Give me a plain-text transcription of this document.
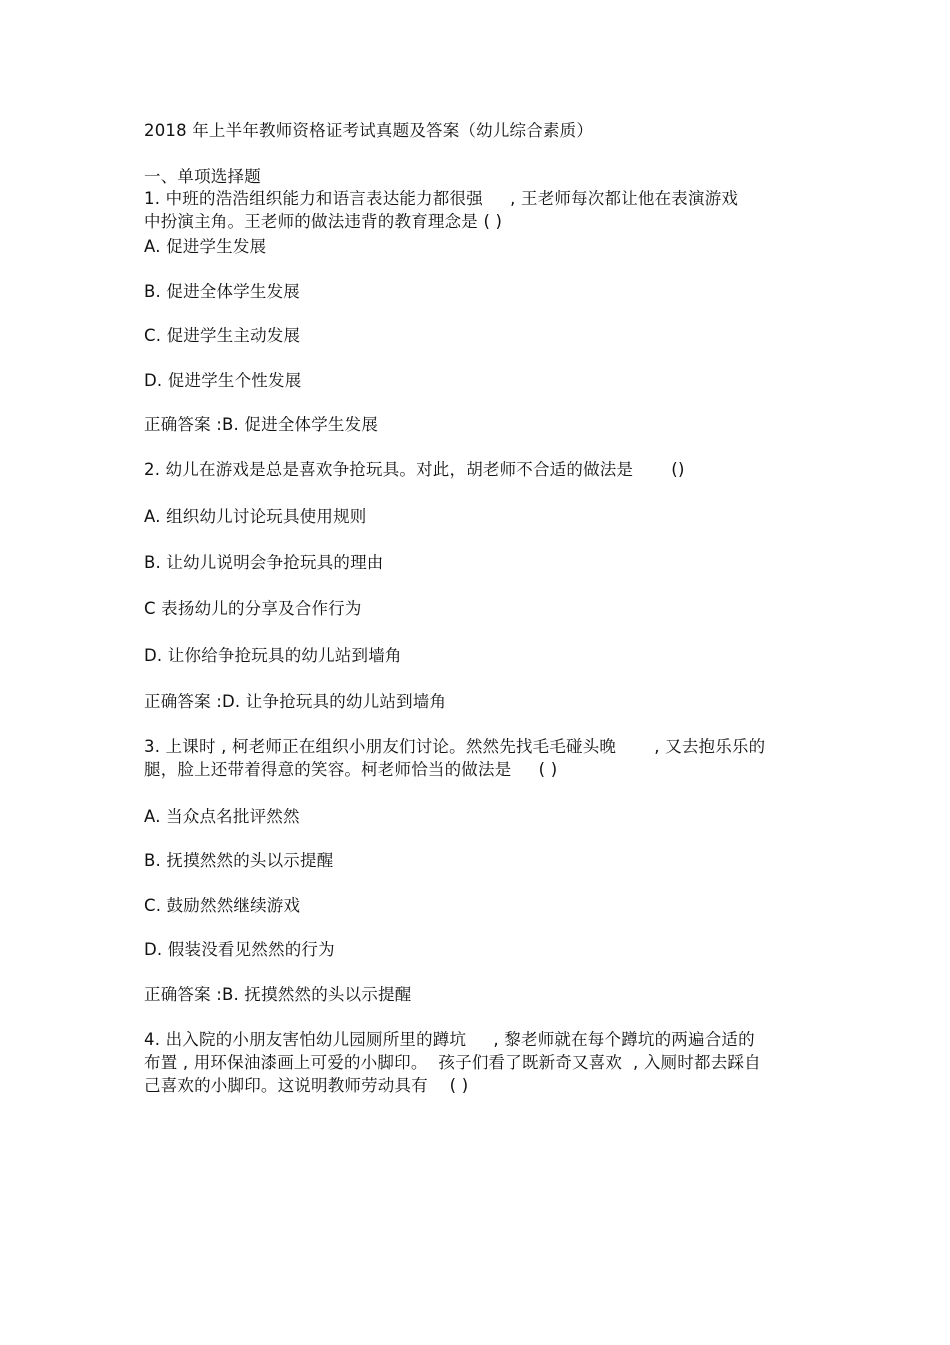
2018 年上半年教师资格证考试真题及答案（幼儿综合素质）
一、单项选择题
1. 中班的浩浩组织能力和语言表达能力都很强     , 王老师每次都让他在表演游戏
中扮演主角。王老师的做法违背的教育理念是 ( )
A. 促进学生发展
B. 促进全体学生发展
C. 促进学生主动发展
D. 促进学生个性发展
正确答案 :B. 促进全体学生发展
2. 幼儿在游戏是总是喜欢争抢玩具。对此，胡老师不合适的做法是       ()
A. 组织幼儿讨论玩具使用规则
B. 让幼儿说明会争抢玩具的理由
C 表扬幼儿的分享及合作行为
D. 让你给争抢玩具的幼儿站到墙角
正确答案 :D. 让争抢玩具的幼儿站到墙角
3. 上课时 , 柯老师正在组织小朋友们讨论。然然先找毛毛碰头晚       , 又去抱乐乐的
腿，脸上还带着得意的笑容。柯老师恰当的做法是     ( )
A. 当众点名批评然然
B. 抚摸然然的头以示提醒
C. 鼓励然然继续游戏
D. 假装没看见然然的行为
正确答案 :B. 抚摸然然的头以示提醒
4. 出入院的小朋友害怕幼儿园厕所里的蹲坑     , 黎老师就在每个蹲坑的两遍合适的
布置 , 用环保油漆画上可爱的小脚印。  孩子们看了既新奇又喜欢  , 入厕时都去踩自
己喜欢的小脚印。这说明教师劳动具有    ( )
